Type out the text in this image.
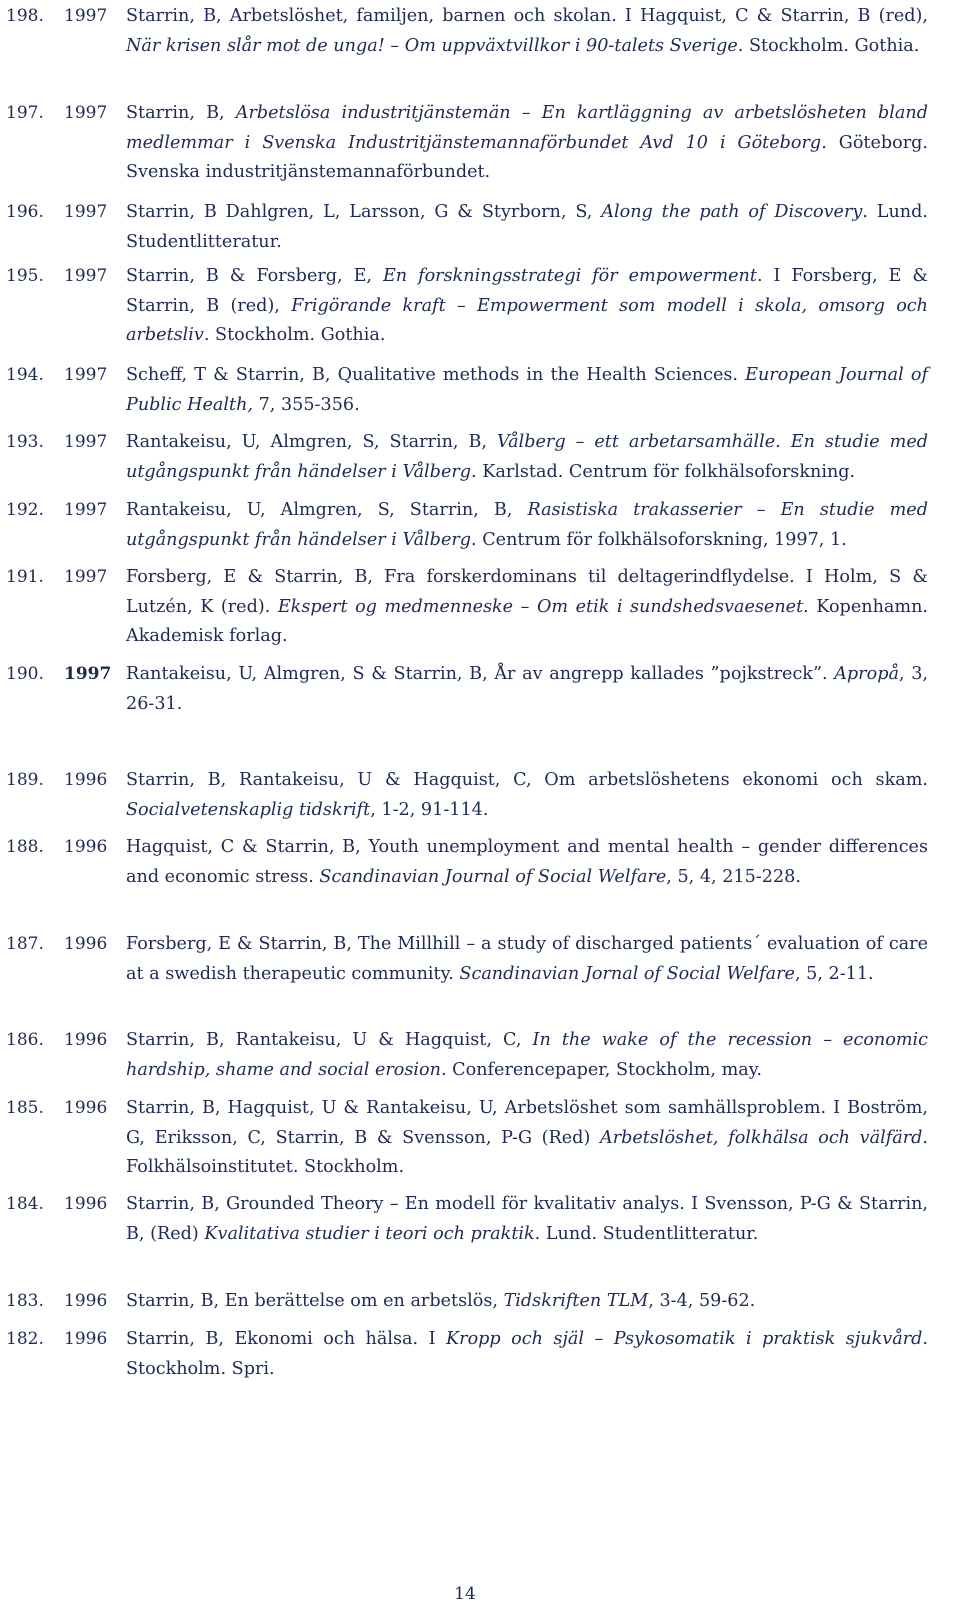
198. 1997 Starrin, B, Arbetslöshet, familjen, barnen och skolan. I Hagquist, C & Starrin, B (red), När krisen slår mot de unga! – Om uppväxtvillkor i 90-talets Sverige. Stockholm. Gothia.
197. 1997 Starrin, B, Arbetslösa industritjänstemän – En kartläggning av arbetslösheten bland medlemmar i Svenska Industritjänstemannaförbundet Avd 10 i Göteborg. Göteborg. Svenska industritjänstemannaförbundet.
196. 1997 Starrin, B Dahlgren, L, Larsson, G & Styrborn, S, Along the path of Discovery. Lund. Studentlitteratur.
195. 1997 Starrin, B & Forsberg, E, En forskningsstrategi för empowerment. I Forsberg, E & Starrin, B (red), Frigörande kraft – Empowerment som modell i skola, omsorg och arbetsliv. Stockholm. Gothia.
194. 1997 Scheff, T & Starrin, B, Qualitative methods in the Health Sciences. European Journal of Public Health, 7, 355-356.
193. 1997 Rantakeisu, U, Almgren, S, Starrin, B, Vålberg – ett arbetarsamhälle. En studie med utgångspunkt från händelser i Vålberg. Karlstad. Centrum för folkhälsoforskning.
192. 1997 Rantakeisu, U, Almgren, S, Starrin, B, Rasistiska trakasserier – En studie med utgångspunkt från händelser i Vålberg. Centrum för folkhälsoforskning, 1997, 1.
191. 1997 Forsberg, E & Starrin, B, Fra forskerdominans til deltagerindflydelse. I Holm, S & Lutzén, K (red). Ekspert og medmenneske – Om etik i sundshedsvaesenet. Kopenhamn. Akademisk forlag.
190. 1997 Rantakeisu, U, Almgren, S & Starrin, B, År av angrepp kallades ”pojkstreck”. Apropå, 3, 26-31.
189. 1996 Starrin, B, Rantakeisu, U & Hagquist, C, Om arbetslöshetens ekonomi och skam. Socialvetenskaplig tidskrift, 1-2, 91-114.
188. 1996 Hagquist, C & Starrin, B, Youth unemployment and mental health – gender differences and economic stress. Scandinavian Journal of Social Welfare, 5, 4, 215-228.
187. 1996 Forsberg, E & Starrin, B, The Millhill – a study of discharged patients´ evaluation of care at a swedish therapeutic community. Scandinavian Jornal of Social Welfare, 5, 2-11.
186. 1996 Starrin, B, Rantakeisu, U & Hagquist, C, In the wake of the recession – economic hardship, shame and social erosion. Conferencepaper, Stockholm, may.
185. 1996 Starrin, B, Hagquist, U & Rantakeisu, U, Arbetslöshet som samhällsproblem. I Boström, G, Eriksson, C, Starrin, B & Svensson, P-G (Red) Arbetslöshet, folkhälsa och välfärd. Folkhälsoinstitutet. Stockholm.
184. 1996 Starrin, B, Grounded Theory – En modell för kvalitativ analys. I Svensson, P-G & Starrin, B, (Red) Kvalitativa studier i teori och praktik. Lund. Studentlitteratur.
183. 1996 Starrin, B, En berättelse om en arbetslös, Tidskriften TLM, 3-4, 59-62.
182. 1996 Starrin, B, Ekonomi och hälsa. I Kropp och själ – Psykosomatik i praktisk sjukvård. Stockholm. Spri.
14
